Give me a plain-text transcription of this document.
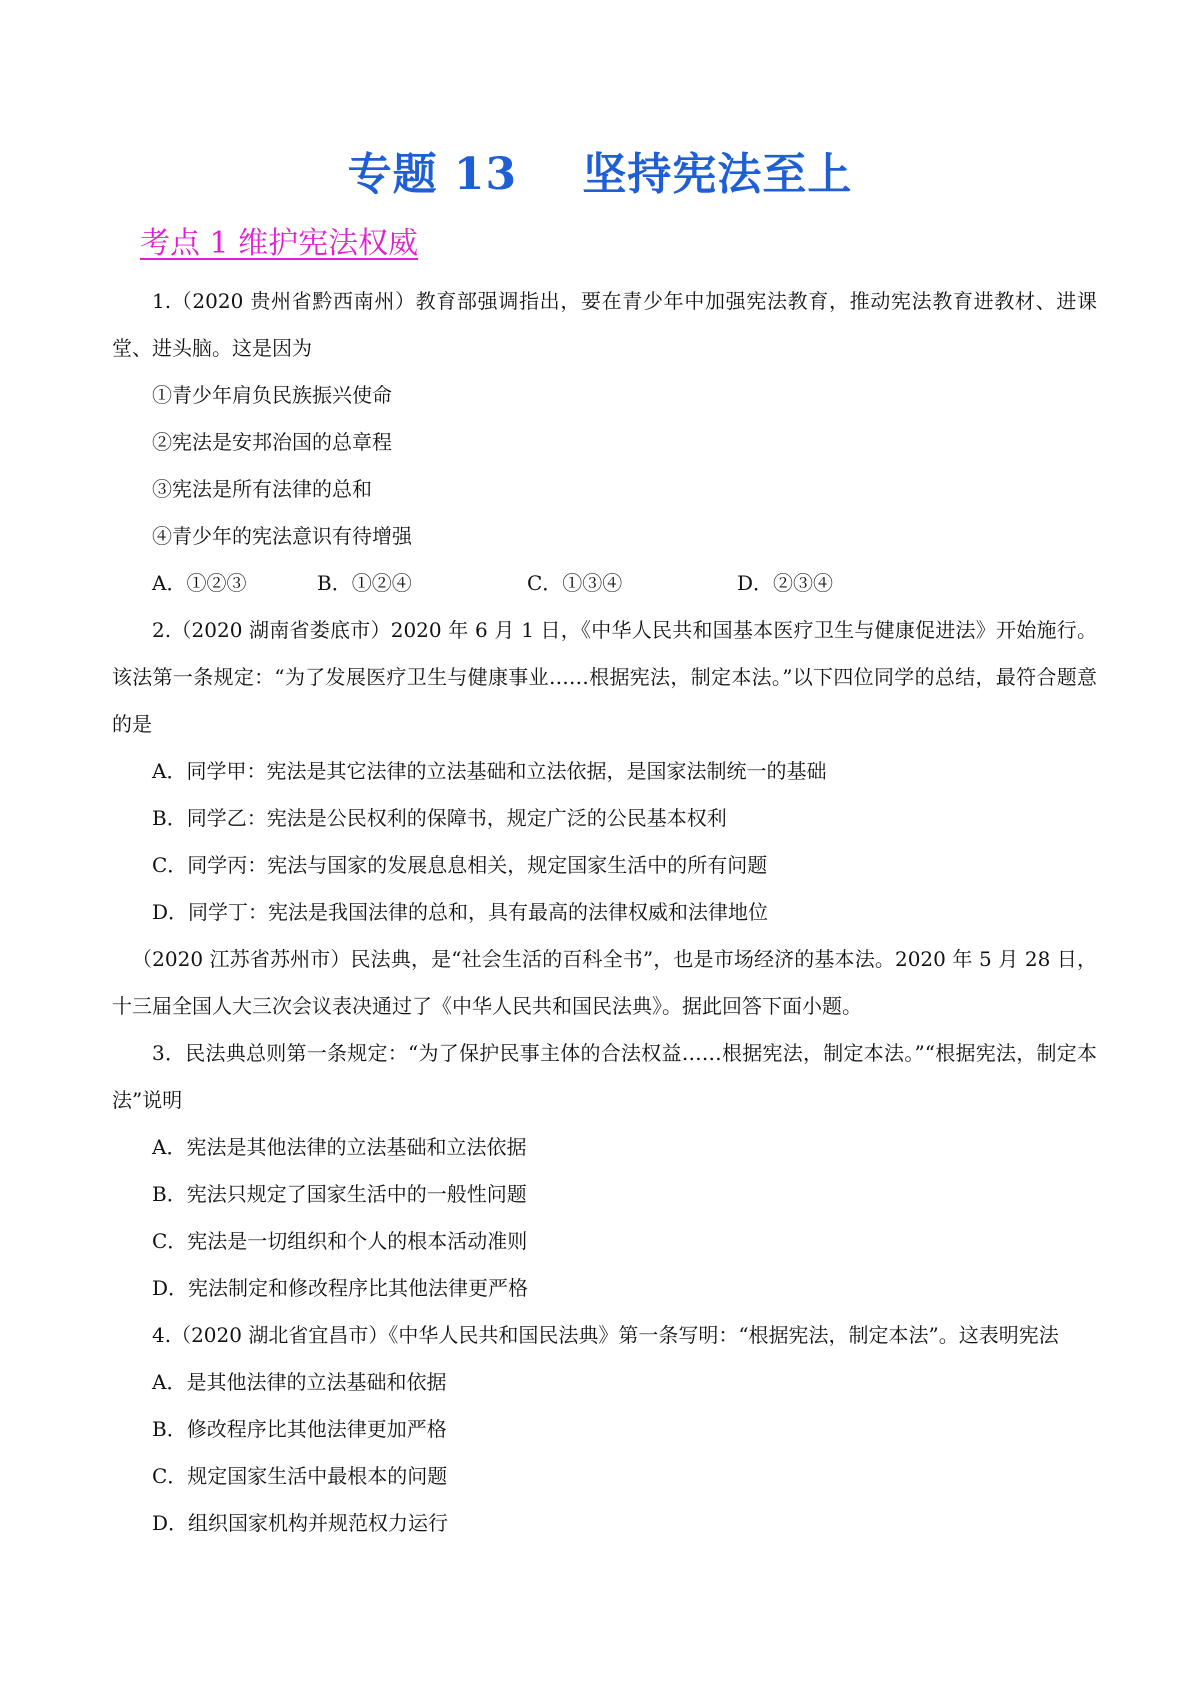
专题 13    坚持宪法至上
考点 1 维护宪法权威

1.（2020 贵州省黔西南州）教育部强调指出，要在青少年中加强宪法教育，推动宪法教育进教材、进课堂、进头脑。这是因为

①青少年肩负民族振兴使命

②宪法是安邦治国的总章程

③宪法是所有法律的总和

④青少年的宪法意识有待增强

A．①②③	B．①②④	C．①③④	D．②③④

2.（2020 湖南省娄底市）2020 年 6 月 1 日，《中华人民共和国基本医疗卫生与健康促进法》开始施行。该法第一条规定：“为了发展医疗卫生与健康事业……根据宪法，制定本法。”以下四位同学的总结，最符合题意的是

A．同学甲：宪法是其它法律的立法基础和立法依据，是国家法制统一的基础

B．同学乙：宪法是公民权利的保障书，规定广泛的公民基本权利

C．同学丙：宪法与国家的发展息息相关，规定国家生活中的所有问题

D．同学丁：宪法是我国法律的总和，具有最高的法律权威和法律地位

（2020 江苏省苏州市）民法典，是“社会生活的百科全书”，也是市场经济的基本法。2020 年 5 月 28 日，十三届全国人大三次会议表决通过了《中华人民共和国民法典》。据此回答下面小题。

3．民法典总则第一条规定：“为了保护民事主体的合法权益……根据宪法，制定本法。”“根据宪法，制定本法”说明

A．宪法是其他法律的立法基础和立法依据

B．宪法只规定了国家生活中的一般性问题

C．宪法是一切组织和个人的根本活动准则

D．宪法制定和修改程序比其他法律更严格

4.（2020 湖北省宜昌市）《中华人民共和国民法典》第一条写明：“根据宪法，制定本法”。这表明宪法

A．是其他法律的立法基础和依据

B．修改程序比其他法律更加严格

C．规定国家生活中最根本的问题

D．组织国家机构并规范权力运行
